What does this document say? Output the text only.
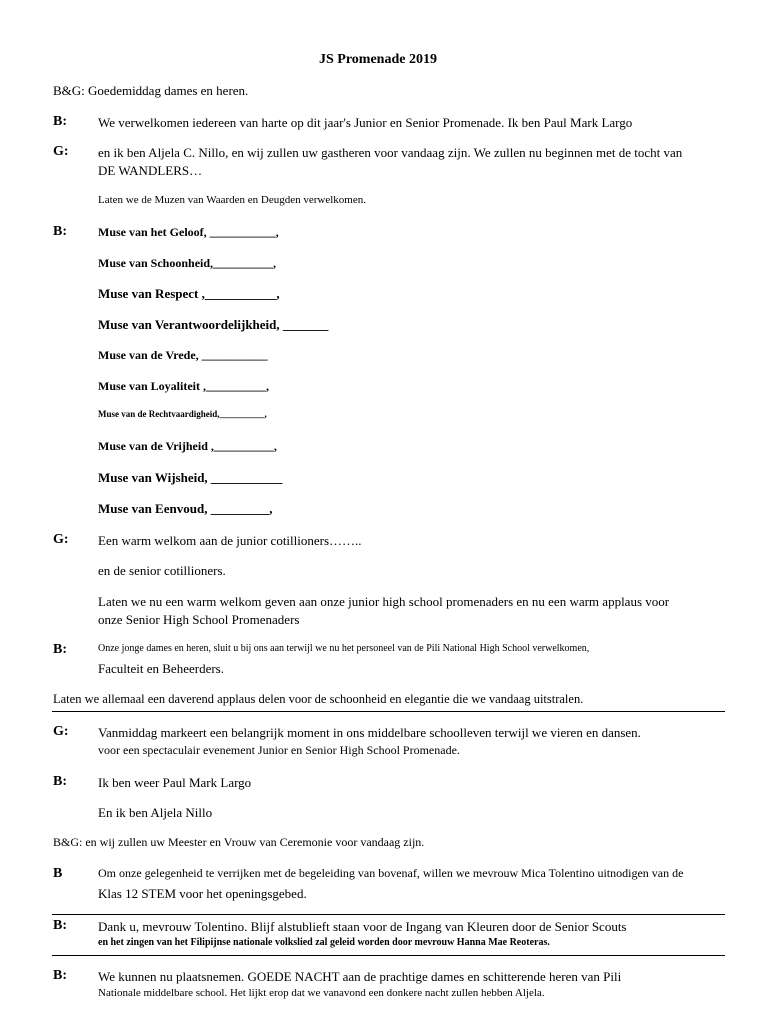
JS Promenade 2019
B&G: Goedemiddag dames en heren.
B: We verwelkomen iedereen van harte op dit jaar's Junior en Senior Promenade. Ik ben Paul Mark Largo
G: en ik ben Aljela C. Nillo, en wij zullen uw gastheren voor vandaag zijn. We zullen nu beginnen met de tocht van
DE WANDLERS…
Laten we de Muzen van Waarden en Deugden verwelkomen.
B:	Muse van het Geloof, ___________,
Muse van Schoonheid,__________,
Muse van Respect ,___________,
Muse van Verantwoordelijkheid, _______
Muse van de Vrede, ___________
Muse van Loyaliteit ,__________,
Muse van de Rechtvaardigheid,__________,
Muse van de Vrijheid ,__________,
Muse van Wijsheid, ___________
Muse van Eenvoud, _________,
G: Een warm welkom aan de junior cotillioners……..
en de senior cotillioners.
Laten we nu een warm welkom geven aan onze junior high school promenaders en nu een warm applaus voor
onze Senior High School Promenaders
B:	Onze jonge dames en heren, sluit u bij ons aan terwijl we nu het personeel van de Pili National High School verwelkomen,
Faculteit en Beheerders.
Laten we allemaal een daverend applaus delen voor de schoonheid en elegantie die we vandaag uitstralen.
G: Vanmiddag markeert een belangrijk moment in ons middelbare schoolleven terwijl we vieren en dansen.
voor een spectaculair evenement Junior en Senior High School Promenade.
B: Ik ben weer Paul Mark Largo
En ik ben Aljela Nillo
B&G: en wij zullen uw Meester en Vrouw van Ceremonie voor vandaag zijn.
B	Om onze gelegenheid te verrijken met de begeleiding van bovenaf, willen we mevrouw Mica Tolentino uitnodigen van de
Klas 12 STEM voor het openingsgebed.
B: Dank u, mevrouw Tolentino. Blijf alstublieft staan voor de Ingang van Kleuren door de Senior Scouts
en het zingen van het Filipijnse nationale volkslied zal geleid worden door mevrouw Hanna Mae Reoteras.
B: We kunnen nu plaatsnemen. GOEDE NACHT aan de prachtige dames en schitterende heren van Pili
Nationale middelbare school. Het lijkt erop dat we vanavond een donkere nacht zullen hebben Aljela.
